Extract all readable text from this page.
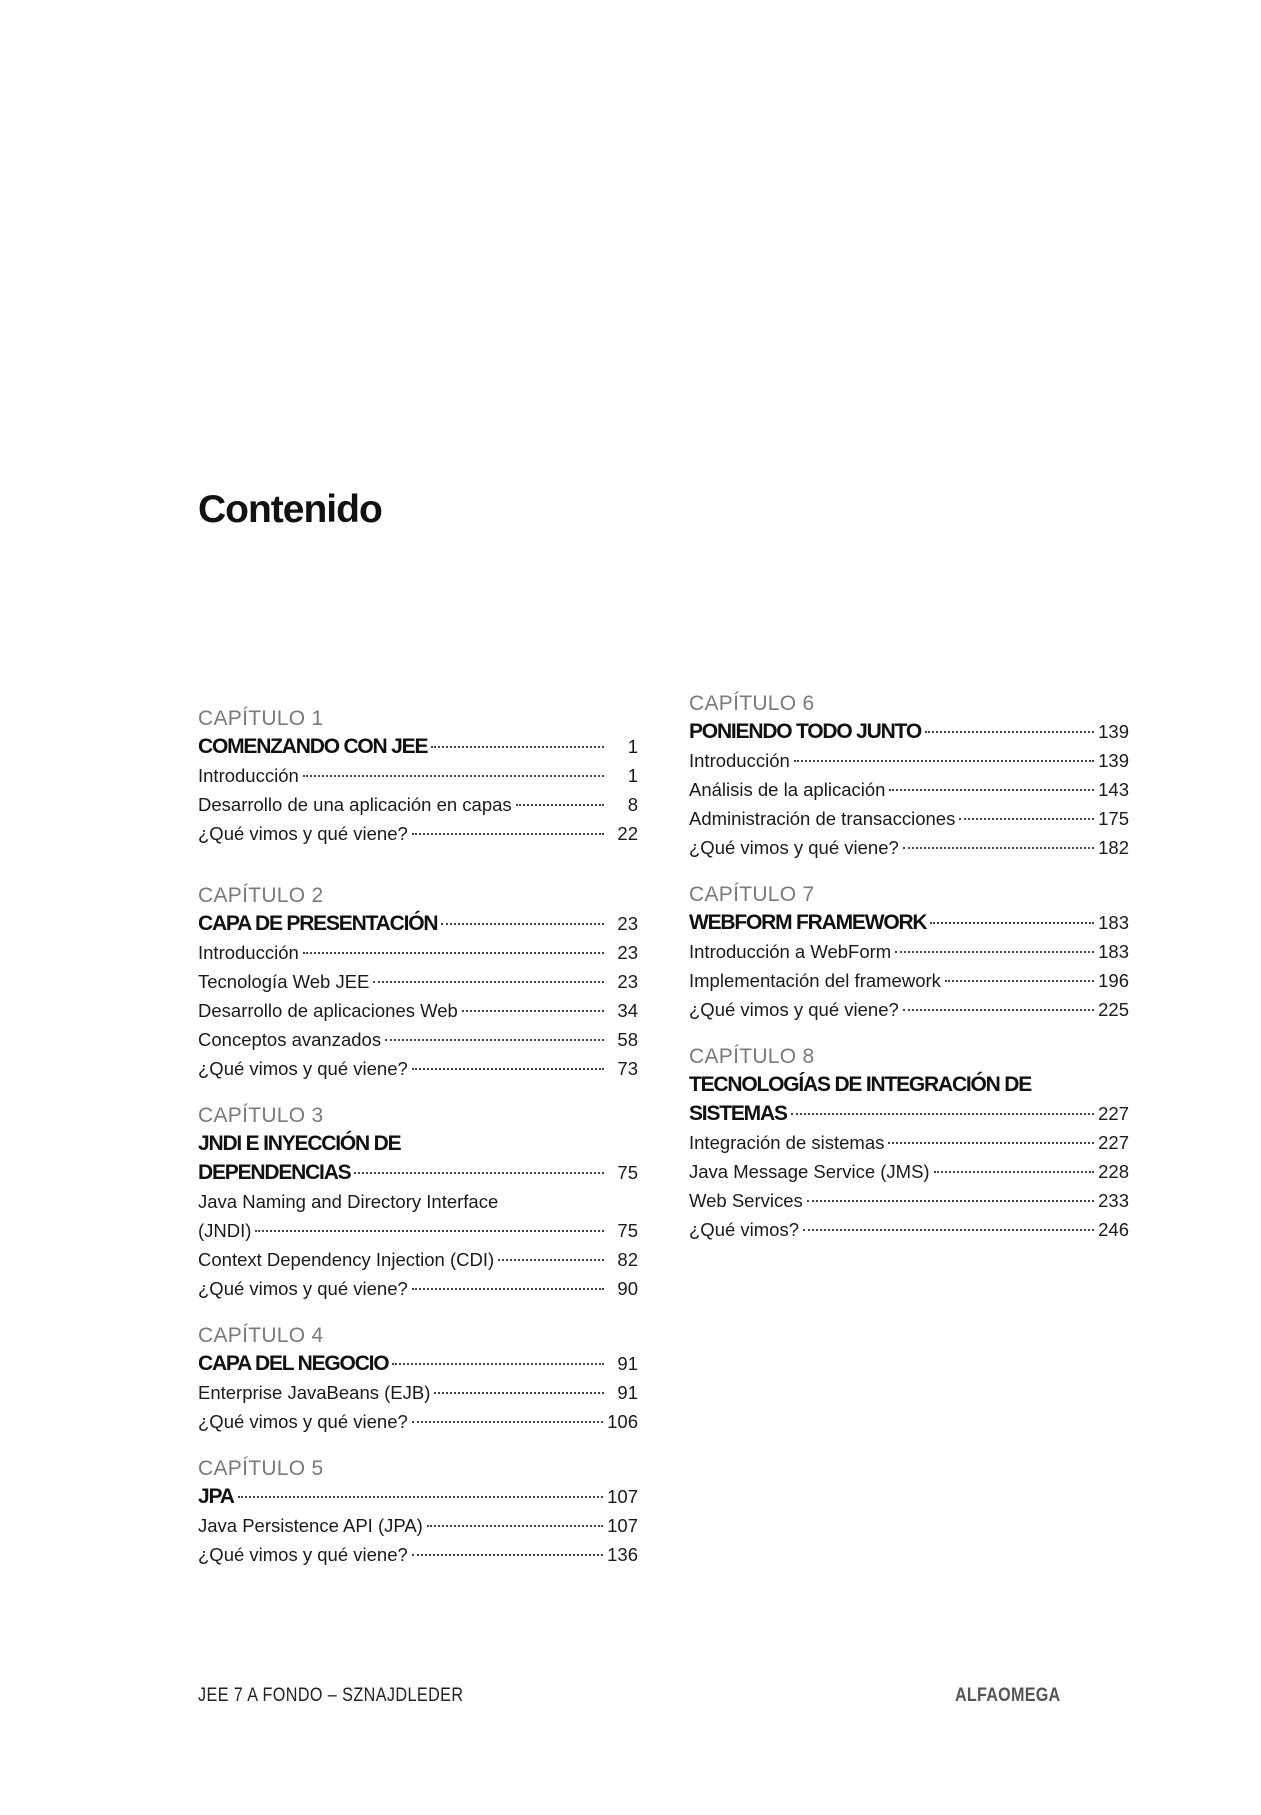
Contenido
CAPÍTULO 1
COMENZANDO CON JEE	1
Introducción	1
Desarrollo de una aplicación en capas	8
¿Qué vimos y qué viene?	22
CAPÍTULO 2
CAPA DE PRESENTACIÓN	23
Introducción	23
Tecnología Web JEE	23
Desarrollo de aplicaciones Web	34
Conceptos avanzados	58
¿Qué vimos y qué viene?	73
CAPÍTULO 3
JNDI E INYECCIÓN DE
DEPENDENCIAS	75
Java Naming and Directory Interface
(JNDI)	75
Context Dependency Injection (CDI)	82
¿Qué vimos y qué viene?	90
CAPÍTULO 4
CAPA DEL NEGOCIO	91
Enterprise JavaBeans (EJB)	91
¿Qué vimos y qué viene?	106
CAPÍTULO 5
JPA	107
Java Persistence API (JPA)	107
¿Qué vimos y qué viene?	136
CAPÍTULO 6
PONIENDO TODO JUNTO	139
Introducción	139
Análisis de la aplicación	143
Administración de transacciones	175
¿Qué vimos y qué viene?	182
CAPÍTULO 7
WEBFORM FRAMEWORK	183
Introducción a WebForm	183
Implementación del framework	196
¿Qué vimos y qué viene?	225
CAPÍTULO 8
TECNOLOGÍAS DE INTEGRACIÓN DE
SISTEMAS	227
Integración de sistemas	227
Java Message Service (JMS)	228
Web Services	233
¿Qué vimos?	246
JEE 7 A FONDO – SZNAJDLEDER	ALFAOMEGA
